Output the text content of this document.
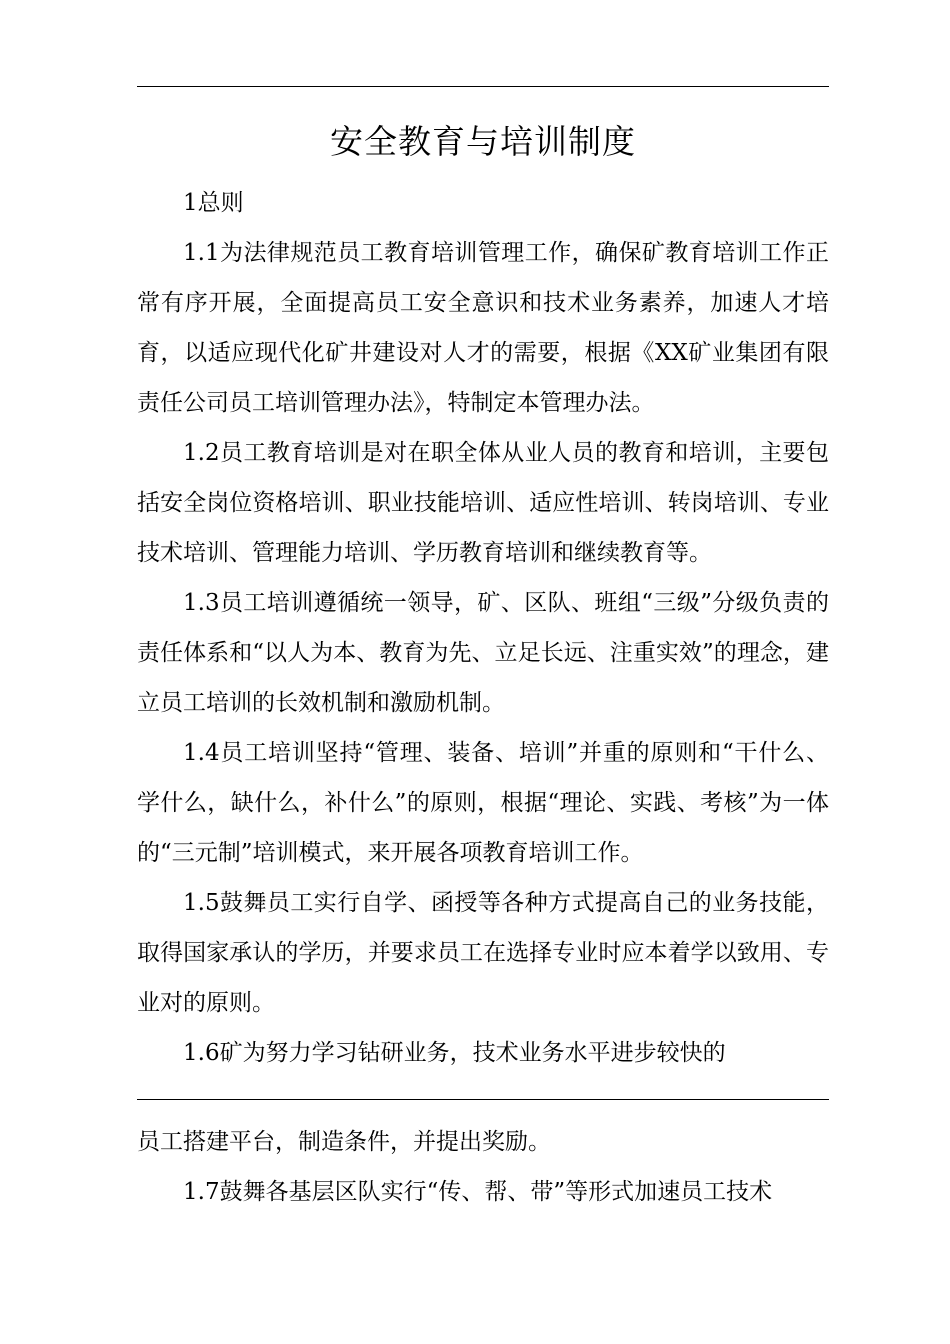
安全教育与培训制度

1总则

1.1为法律规范员工教育培训管理工作，确保矿教育培训工作正常有序开展，全面提高员工安全意识和技术业务素养，加速人才培育，以适应现代化矿井建设对人才的需要，根据《XX矿业集团有限责任公司员工培训管理办法》，特制定本管理办法。

1.2员工教育培训是对在职全体从业人员的教育和培训，主要包括安全岗位资格培训、职业技能培训、适应性培训、转岗培训、专业技术培训、管理能力培训、学历教育培训和继续教育等。

1.3员工培训遵循统一领导，矿、区队、班组“三级”分级负责的责任体系和“以人为本、教育为先、立足长远、注重实效”的理念，建立员工培训的长效机制和激励机制。

1.4员工培训坚持“管理、装备、培训”并重的原则和“干什么、学什么，缺什么，补什么”的原则，根据“理论、实践、考核”为一体的“三元制”培训模式，来开展各项教育培训工作。

1.5鼓舞员工实行自学、函授等各种方式提高自己的业务技能，取得国家承认的学历，并要求员工在选择专业时应本着学以致用、专业对的原则。

1.6矿为努力学习钻研业务，技术业务水平进步较快的

员工搭建平台，制造条件，并提出奖励。

1.7鼓舞各基层区队实行“传、帮、带”等形式加速员工技术
